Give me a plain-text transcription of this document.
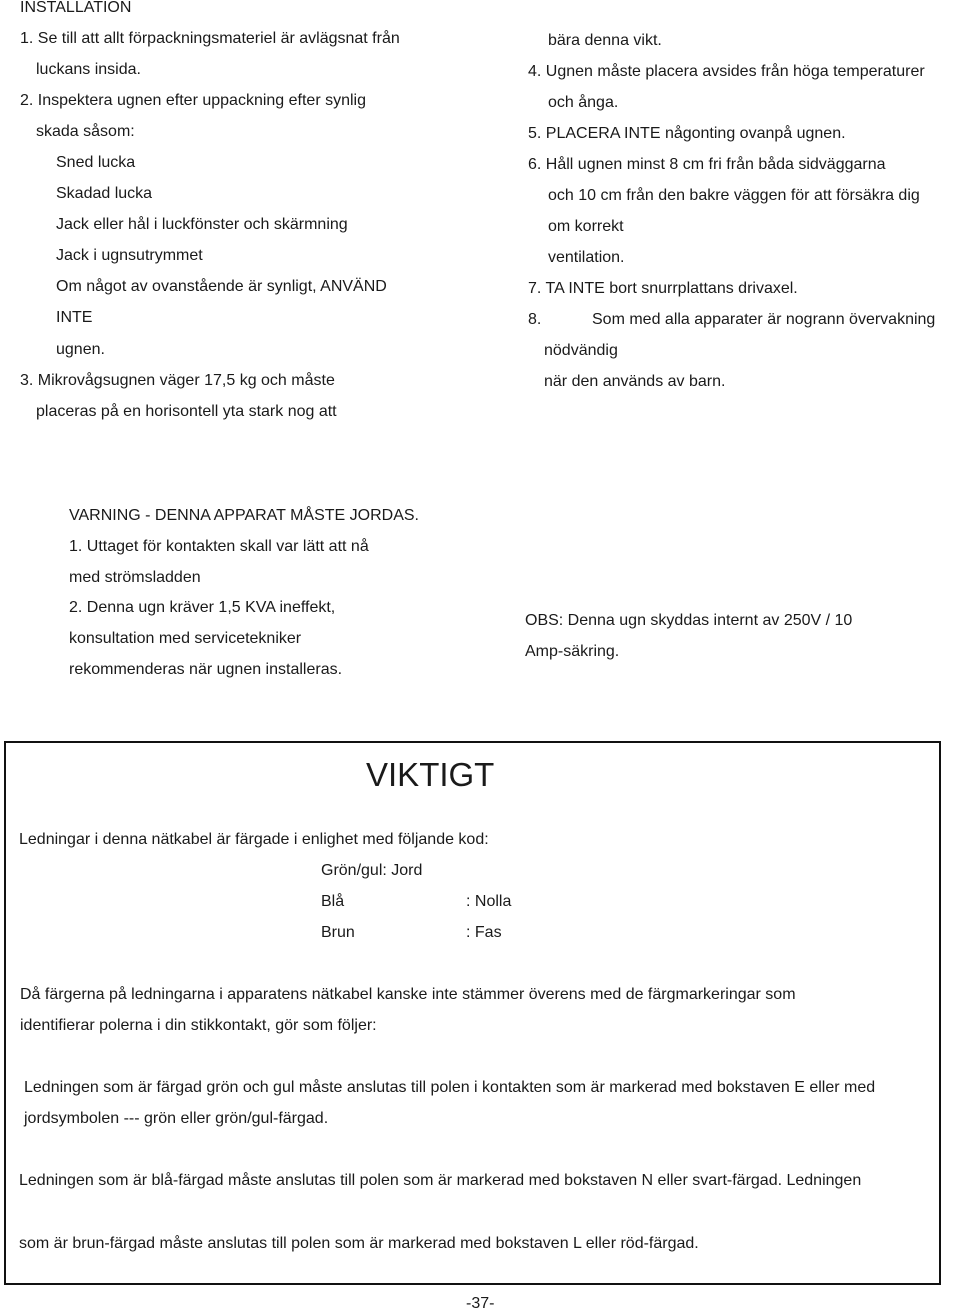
INSTALLATION
1. Se till att allt förpackningsmateriel är avlägsnat från
luckans insida.
2. Inspektera ugnen efter uppackning efter synlig
skada såsom:
Sned lucka
Skadad lucka
Jack eller hål i luckfönster och skärmning
Jack i ugnsutrymmet
Om något av ovanstående är synligt, ANVÄND
INTE
ugnen.
3. Mikrovågsugnen väger 17,5 kg och måste
placeras på en horisontell yta stark nog att
bära denna vikt.
4. Ugnen måste placera avsides från höga temperaturer
och ånga.
5. PLACERA INTE någonting ovanpå ugnen.
6. Håll ugnen minst 8 cm fri från båda sidväggarna
och 10 cm från den bakre väggen för att försäkra dig
om korrekt
ventilation.
7. TA INTE bort snurrplattans drivaxel.
8.	Som med alla apparater är nogrann övervakning
nödvändig
när den används av barn.
VARNING - DENNA APPARAT MÅSTE JORDAS.
1. Uttaget för kontakten skall var lätt att nå
med strömsladden
2. Denna ugn kräver 1,5 KVA ineffekt,
konsultation med servicetekniker
rekommenderas när ugnen installeras.
OBS: Denna ugn skyddas internt av 250V / 10
Amp-säkring.
VIKTIGT
Ledningar i denna nätkabel är färgade i enlighet med följande kod:
Grön/gul: Jord
Blå	: Nolla
Brun	: Fas
Då färgerna på ledningarna i apparatens nätkabel kanske inte stämmer överens med de färgmarkeringar som
identifierar polerna i din stikkontakt, gör som följer:
Ledningen som är färgad grön och gul måste anslutas till polen i kontakten som är markerad med bokstaven E eller med
jordsymbolen --- grön eller grön/gul-färgad.
Ledningen som är blå-färgad måste anslutas till polen som är markerad med bokstaven N eller svart-färgad. Ledningen
som är brun-färgad måste anslutas till polen som är markerad med bokstaven L eller röd-färgad.
-37-
